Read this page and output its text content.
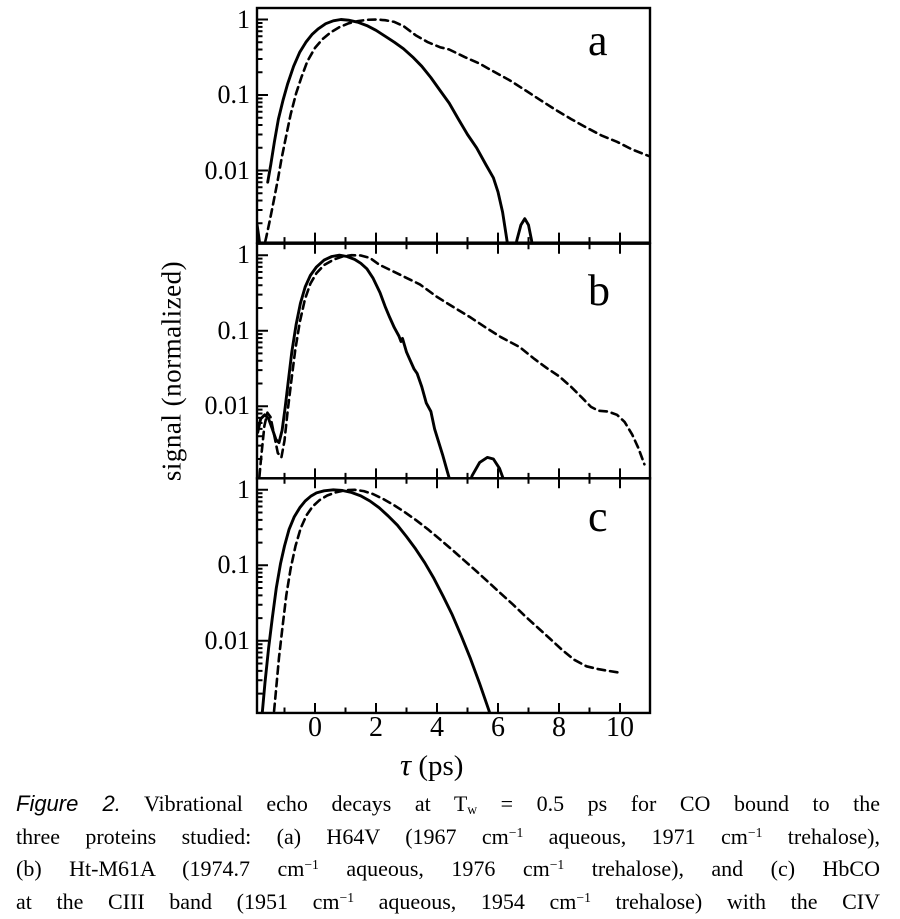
signal (normalized)
τ (ps)
a
b
c
1
0.1
0.01
1
0.1
0.01
1
0.1
0.01
0	2	4	6	8	10
Figure 2. Vibrational echo decays at Tw = 0.5 ps for CO bound to the
three proteins studied: (a) H64V (1967 $cm^{-1}$ aqueous, 1971 $cm^{-1}$ trehalose),
(b) Ht-M61A (1974.7 $cm^{-1}$ aqueous, 1976 $cm^{-1}$ trehalose), and (c) HbCO
at the CIII band (1951 $cm^{-1}$ aqueous, 1954 $cm^{-1}$ trehalose) with the CIV
